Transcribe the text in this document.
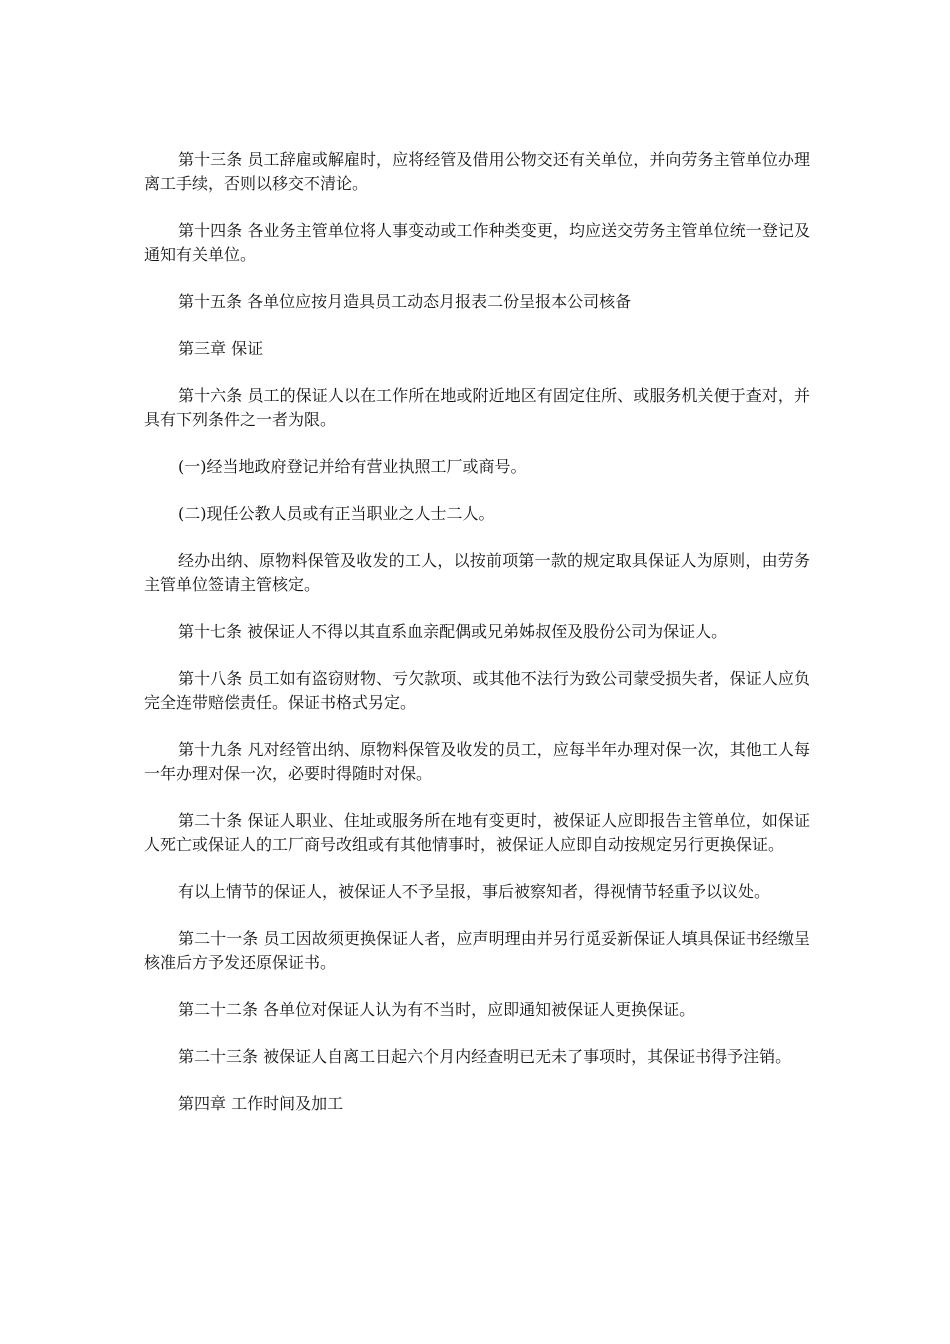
第十三条 员工辞雇或解雇时，应将经管及借用公物交还有关单位，并向劳务主管单位办理离工手续，否则以移交不清论。

第十四条 各业务主管单位将人事变动或工作种类变更，均应送交劳务主管单位统一登记及通知有关单位。

第十五条 各单位应按月造具员工动态月报表二份呈报本公司核备

第三章 保证

第十六条 员工的保证人以在工作所在地或附近地区有固定住所、或服务机关便于查对，并具有下列条件之一者为限。

(一)经当地政府登记并给有营业执照工厂或商号。

(二)现任公教人员或有正当职业之人士二人。

经办出纳、原物料保管及收发的工人，以按前项第一款的规定取具保证人为原则，由劳务主管单位签请主管核定。

第十七条 被保证人不得以其直系血亲配偶或兄弟姊叔侄及股份公司为保证人。

第十八条 员工如有盗窃财物、亏欠款项、或其他不法行为致公司蒙受损失者，保证人应负完全连带赔偿责任。保证书格式另定。

第十九条 凡对经管出纳、原物料保管及收发的员工，应每半年办理对保一次，其他工人每一年办理对保一次，必要时得随时对保。

第二十条 保证人职业、住址或服务所在地有变更时，被保证人应即报告主管单位，如保证人死亡或保证人的工厂商号改组或有其他情事时，被保证人应即自动按规定另行更换保证。

有以上情节的保证人，被保证人不予呈报，事后被察知者，得视情节轻重予以议处。

第二十一条 员工因故须更换保证人者，应声明理由并另行觅妥新保证人填具保证书经缴呈核准后方予发还原保证书。

第二十二条 各单位对保证人认为有不当时，应即通知被保证人更换保证。

第二十三条 被保证人自离工日起六个月内经查明已无未了事项时，其保证书得予注销。

第四章 工作时间及加工
